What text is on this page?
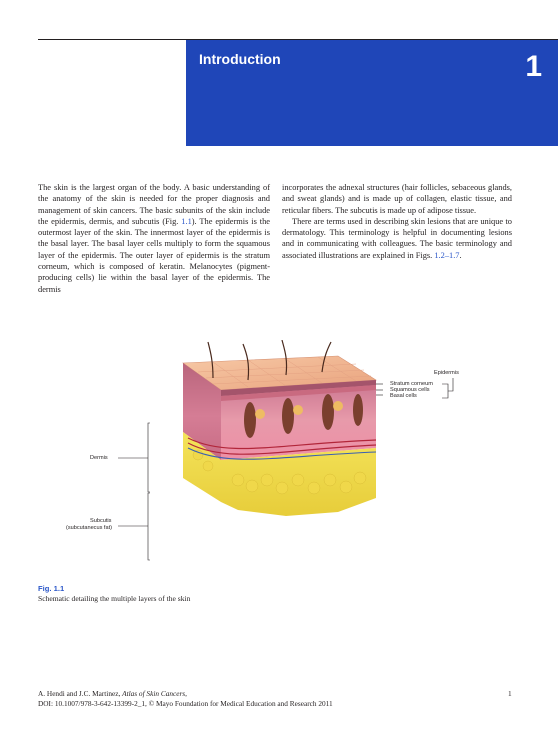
Introduction	1

The skin is the largest organ of the body. A basic understanding of the anatomy of the skin is needed for the proper diagnosis and management of skin cancers. The basic subunits of the skin include the epidermis, dermis, and subcutis (Fig. 1.1). The epidermis is the outermost layer of the skin. The innermost layer of the epidermis is the basal layer. The basal layer cells multiply to form the squamous layer of the epidermis. The outer layer of epidermis is the stratum corneum, which is composed of keratin. Melanocytes (pigment-producing cells) lie within the basal layer of the epidermis. The dermis

incorporates the adnexal structures (hair follicles, sebaceous glands, and sweat glands) and is made up of collagen, elastic tissue, and reticular fibers. The subcutis is made up of adipose tissue.

There are terms used in describing skin lesions that are unique to dermatology. This terminology is helpful in documenting lesions and in communicating with colleagues. The basic terminology and associated illustrations are explained in Figs. 1.2–1.7.

Epidermis
Stratum corneum
Squamous cells
Basal cells
Dermis
Subcutis
(subcutanecus fat)
Fig. 1.1
Schematic detailing the multiple layers of the skin
A. Hendi and J.C. Martinez, Atlas of Skin Cancers,
DOI: 10.1007/978-3-642-13399-2_1, © Mayo Foundation for Medical Education and Research 2011
1
